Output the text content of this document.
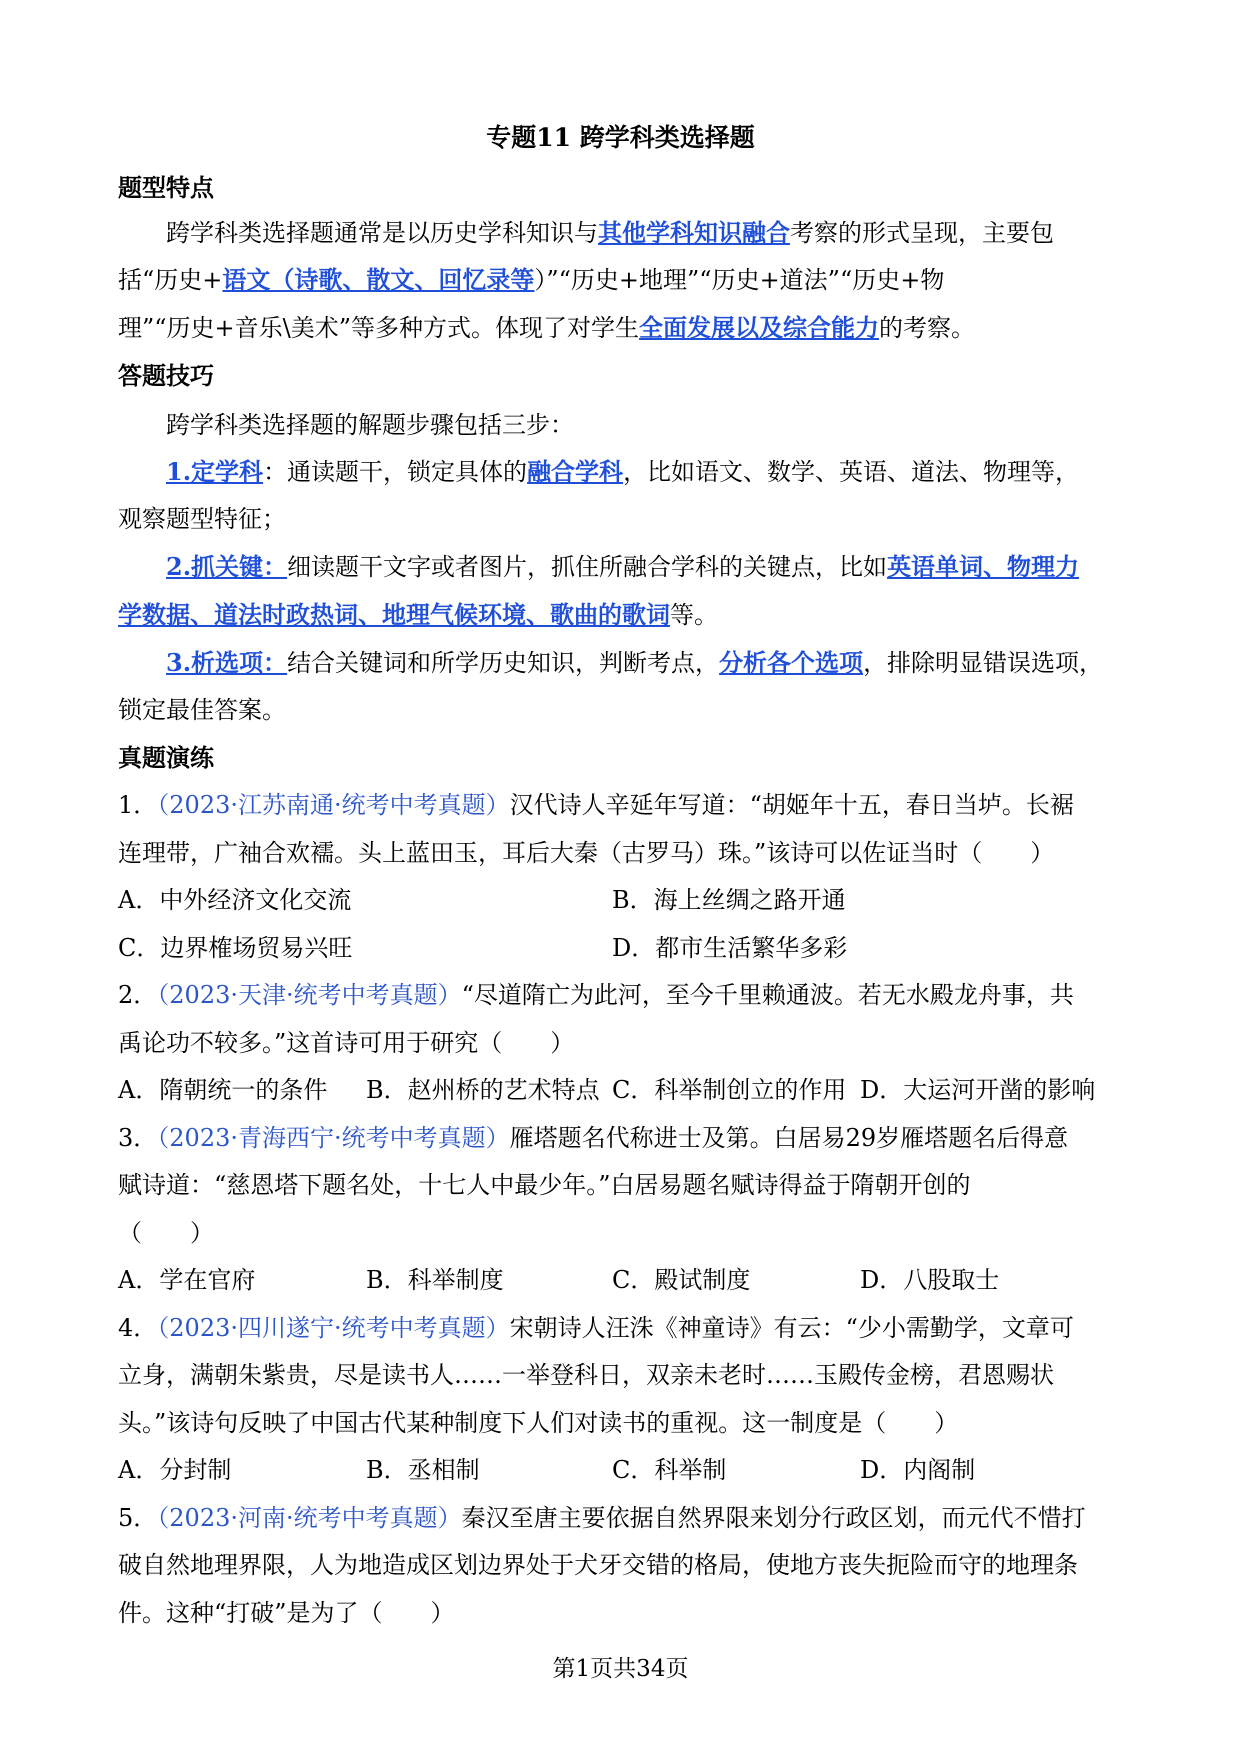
专题11 跨学科类选择题
题型特点
跨学科类选择题通常是以历史学科知识与其他学科知识融合考察的形式呈现，主要包
括“历史+语文（诗歌、散文、回忆录等）”“历史+地理”“历史+道法”“历史+物
理”“历史+音乐\美术”等多种方式。体现了对学生全面发展以及综合能力的考察。
答题技巧
跨学科类选择题的解题步骤包括三步：
1.定学科：通读题干，锁定具体的融合学科，比如语文、数学、英语、道法、物理等，
观察题型特征；
2.抓关键：细读题干文字或者图片，抓住所融合学科的关键点，比如英语单词、物理力
学数据、道法时政热词、地理气候环境、歌曲的歌词等。
3.析选项：结合关键词和所学历史知识，判断考点，分析各个选项，排除明显错误选项，
锁定最佳答案。
真题演练
1．（2023·江苏南通·统考中考真题）汉代诗人辛延年写道：“胡姬年十五，春日当垆。长裾
连理带，广袖合欢襦。头上蓝田玉，耳后大秦（古罗马）珠。”该诗可以佐证当时（　　）
A．中外经济文化交流	B．海上丝绸之路开通
C．边界榷场贸易兴旺	D．都市生活繁华多彩
2．（2023·天津·统考中考真题）“尽道隋亡为此河，至今千里赖通波。若无水殿龙舟事，共
禹论功不较多。”这首诗可用于研究（　　）
A．隋朝统一的条件 B．赵州桥的艺术特点 C．科举制创立的作用 D．大运河开凿的影响
3．（2023·青海西宁·统考中考真题）雁塔题名代称进士及第。白居易29岁雁塔题名后得意
赋诗道：“慈恩塔下题名处，十七人中最少年。”白居易题名赋诗得益于隋朝开创的
（　　）
A．学在官府	B．科举制度	C．殿试制度	D．八股取士
4．（2023·四川遂宁·统考中考真题）宋朝诗人汪洙《神童诗》有云：“少小需勤学，文章可
立身，满朝朱紫贵，尽是读书人……一举登科日，双亲未老时……玉殿传金榜，君恩赐状
头。”该诗句反映了中国古代某种制度下人们对读书的重视。这一制度是（　　）
A．分封制	B．丞相制	C．科举制	D．内阁制
5．（2023·河南·统考中考真题）秦汉至唐主要依据自然界限来划分行政区划，而元代不惜打
破自然地理界限，人为地造成区划边界处于犬牙交错的格局，使地方丧失扼险而守的地理条
件。这种“打破”是为了（　　）
第1页共34页
